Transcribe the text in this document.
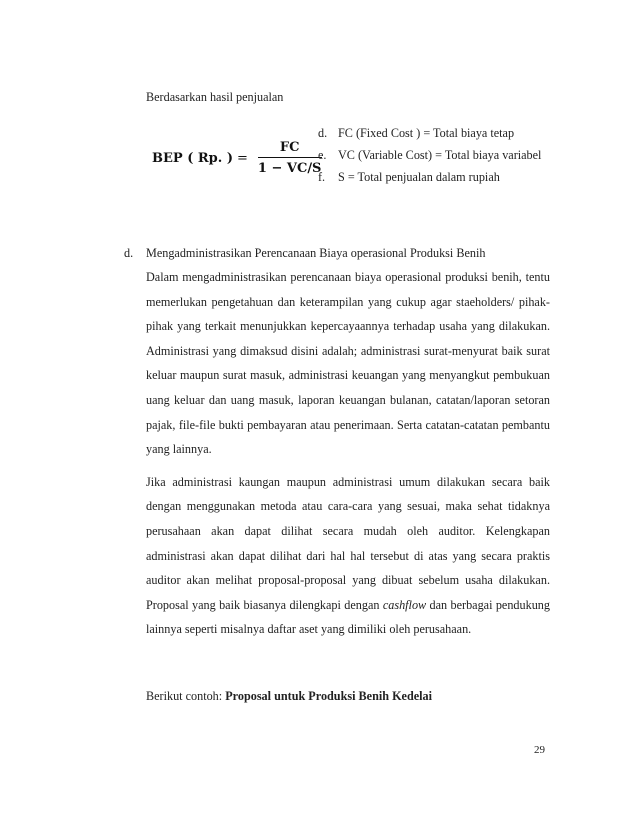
Berdasarkan hasil penjualan
BEP ( Rp. ) = $\frac{FC}{1 - VC/S}$
d. FC (Fixed Cost ) = Total biaya tetap
e. VC (Variable Cost) = Total biaya variabel
f.	S = Total penjualan dalam rupiah
d.	Mengadministrasikan Perencanaan Biaya operasional Produksi Benih
Dalam mengadministrasikan perencanaan biaya operasional produksi benih, tentu memerlukan pengetahuan dan keterampilan yang cukup agar staeholders/ pihak-pihak yang terkait menunjukkan kepercayaannya terhadap usaha yang dilakukan. Administrasi yang dimaksud disini adalah; administrasi surat-menyurat baik surat keluar maupun surat masuk, administrasi keuangan yang menyangkut pembukuan uang keluar dan uang masuk, laporan keuangan bulanan, catatan/laporan setoran pajak, file-file bukti pembayaran atau penerimaan. Serta catatan-catatan pembantu yang lainnya.
Jika administrasi kaungan maupun administrasi umum dilakukan secara baik dengan menggunakan metoda atau cara-cara yang sesuai, maka sehat tidaknya perusahaan akan dapat dilihat secara mudah oleh auditor. Kelengkapan administrasi akan dapat dilihat dari hal hal tersebut di atas yang secara praktis auditor akan melihat proposal-proposal yang dibuat sebelum usaha dilakukan. Proposal yang baik biasanya dilengkapi dengan cashflow dan berbagai pendukung lainnya seperti misalnya daftar aset yang dimiliki oleh perusahaan.
Berikut contoh: Proposal untuk Produksi Benih Kedelai
29
